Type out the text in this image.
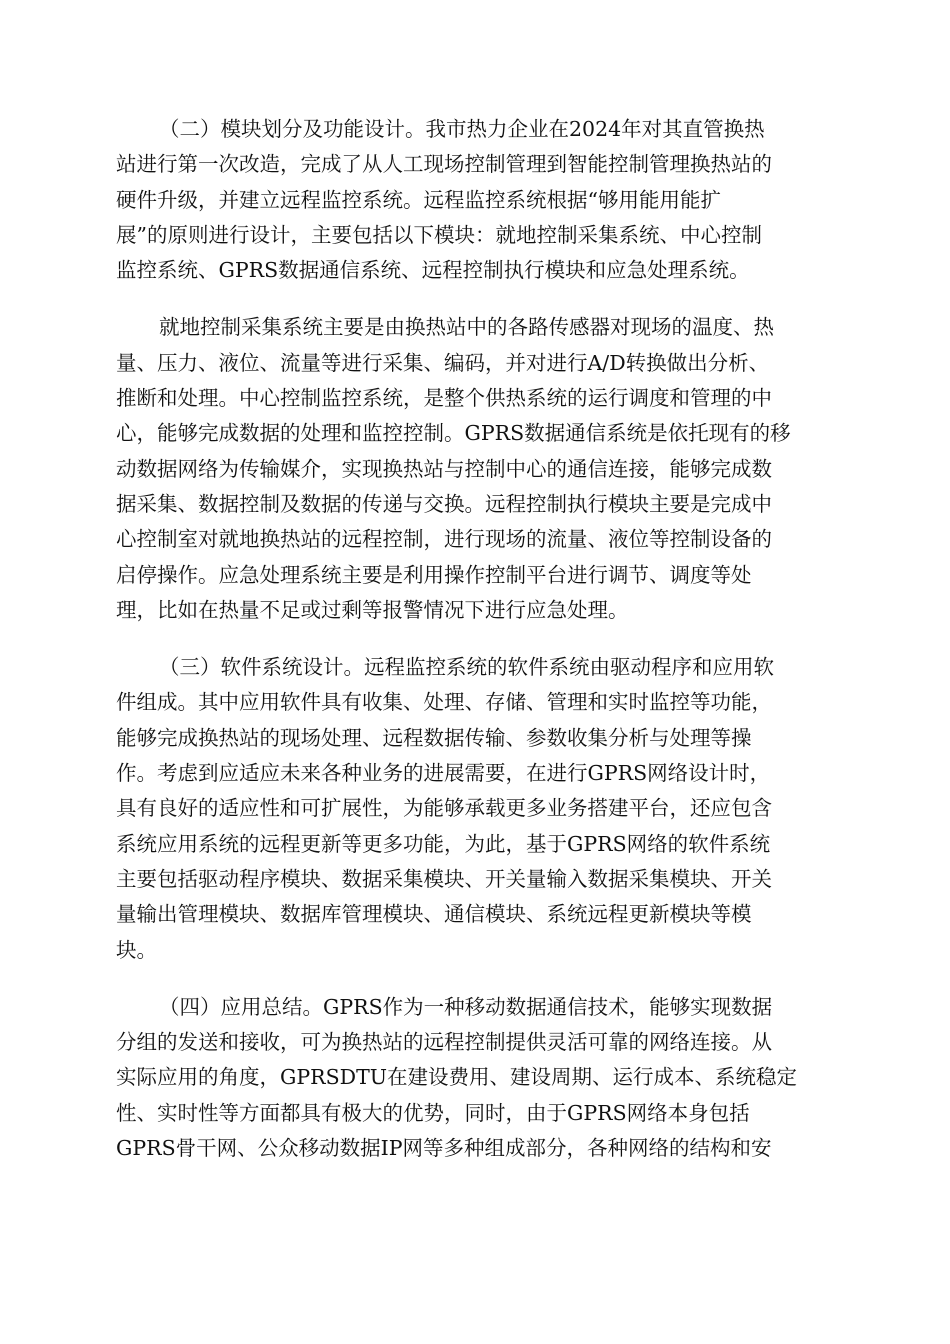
（二）模块划分及功能设计。我市热力企业在2024年对其直管换热
站进行第一次改造，完成了从人工现场控制管理到智能控制管理换热站的
硬件升级，并建立远程监控系统。远程监控系统根据“够用能用能扩
展”的原则进行设计，主要包括以下模块：就地控制采集系统、中心控制
监控系统、GPRS数据通信系统、远程控制执行模块和应急处理系统。
就地控制采集系统主要是由换热站中的各路传感器对现场的温度、热
量、压力、液位、流量等进行采集、编码，并对进行A/D转换做出分析、
推断和处理。中心控制监控系统，是整个供热系统的运行调度和管理的中
心，能够完成数据的处理和监控控制。GPRS数据通信系统是依托现有的移
动数据网络为传输媒介，实现换热站与控制中心的通信连接，能够完成数
据采集、数据控制及数据的传递与交换。远程控制执行模块主要是完成中
心控制室对就地换热站的远程控制，进行现场的流量、液位等控制设备的
启停操作。应急处理系统主要是利用操作控制平台进行调节、调度等处
理，比如在热量不足或过剩等报警情况下进行应急处理。
（三）软件系统设计。远程监控系统的软件系统由驱动程序和应用软
件组成。其中应用软件具有收集、处理、存储、管理和实时监控等功能，
能够完成换热站的现场处理、远程数据传输、参数收集分析与处理等操
作。考虑到应适应未来各种业务的进展需要，在进行GPRS网络设计时，
具有良好的适应性和可扩展性，为能够承载更多业务搭建平台，还应包含
系统应用系统的远程更新等更多功能，为此，基于GPRS网络的软件系统
主要包括驱动程序模块、数据采集模块、开关量输入数据采集模块、开关
量输出管理模块、数据库管理模块、通信模块、系统远程更新模块等模
块。
（四）应用总结。GPRS作为一种移动数据通信技术，能够实现数据
分组的发送和接收，可为换热站的远程控制提供灵活可靠的网络连接。从
实际应用的角度，GPRSDTU在建设费用、建设周期、运行成本、系统稳定
性、实时性等方面都具有极大的优势，同时，由于GPRS网络本身包括
GPRS骨干网、公众移动数据IP网等多种组成部分，各种网络的结构和安
